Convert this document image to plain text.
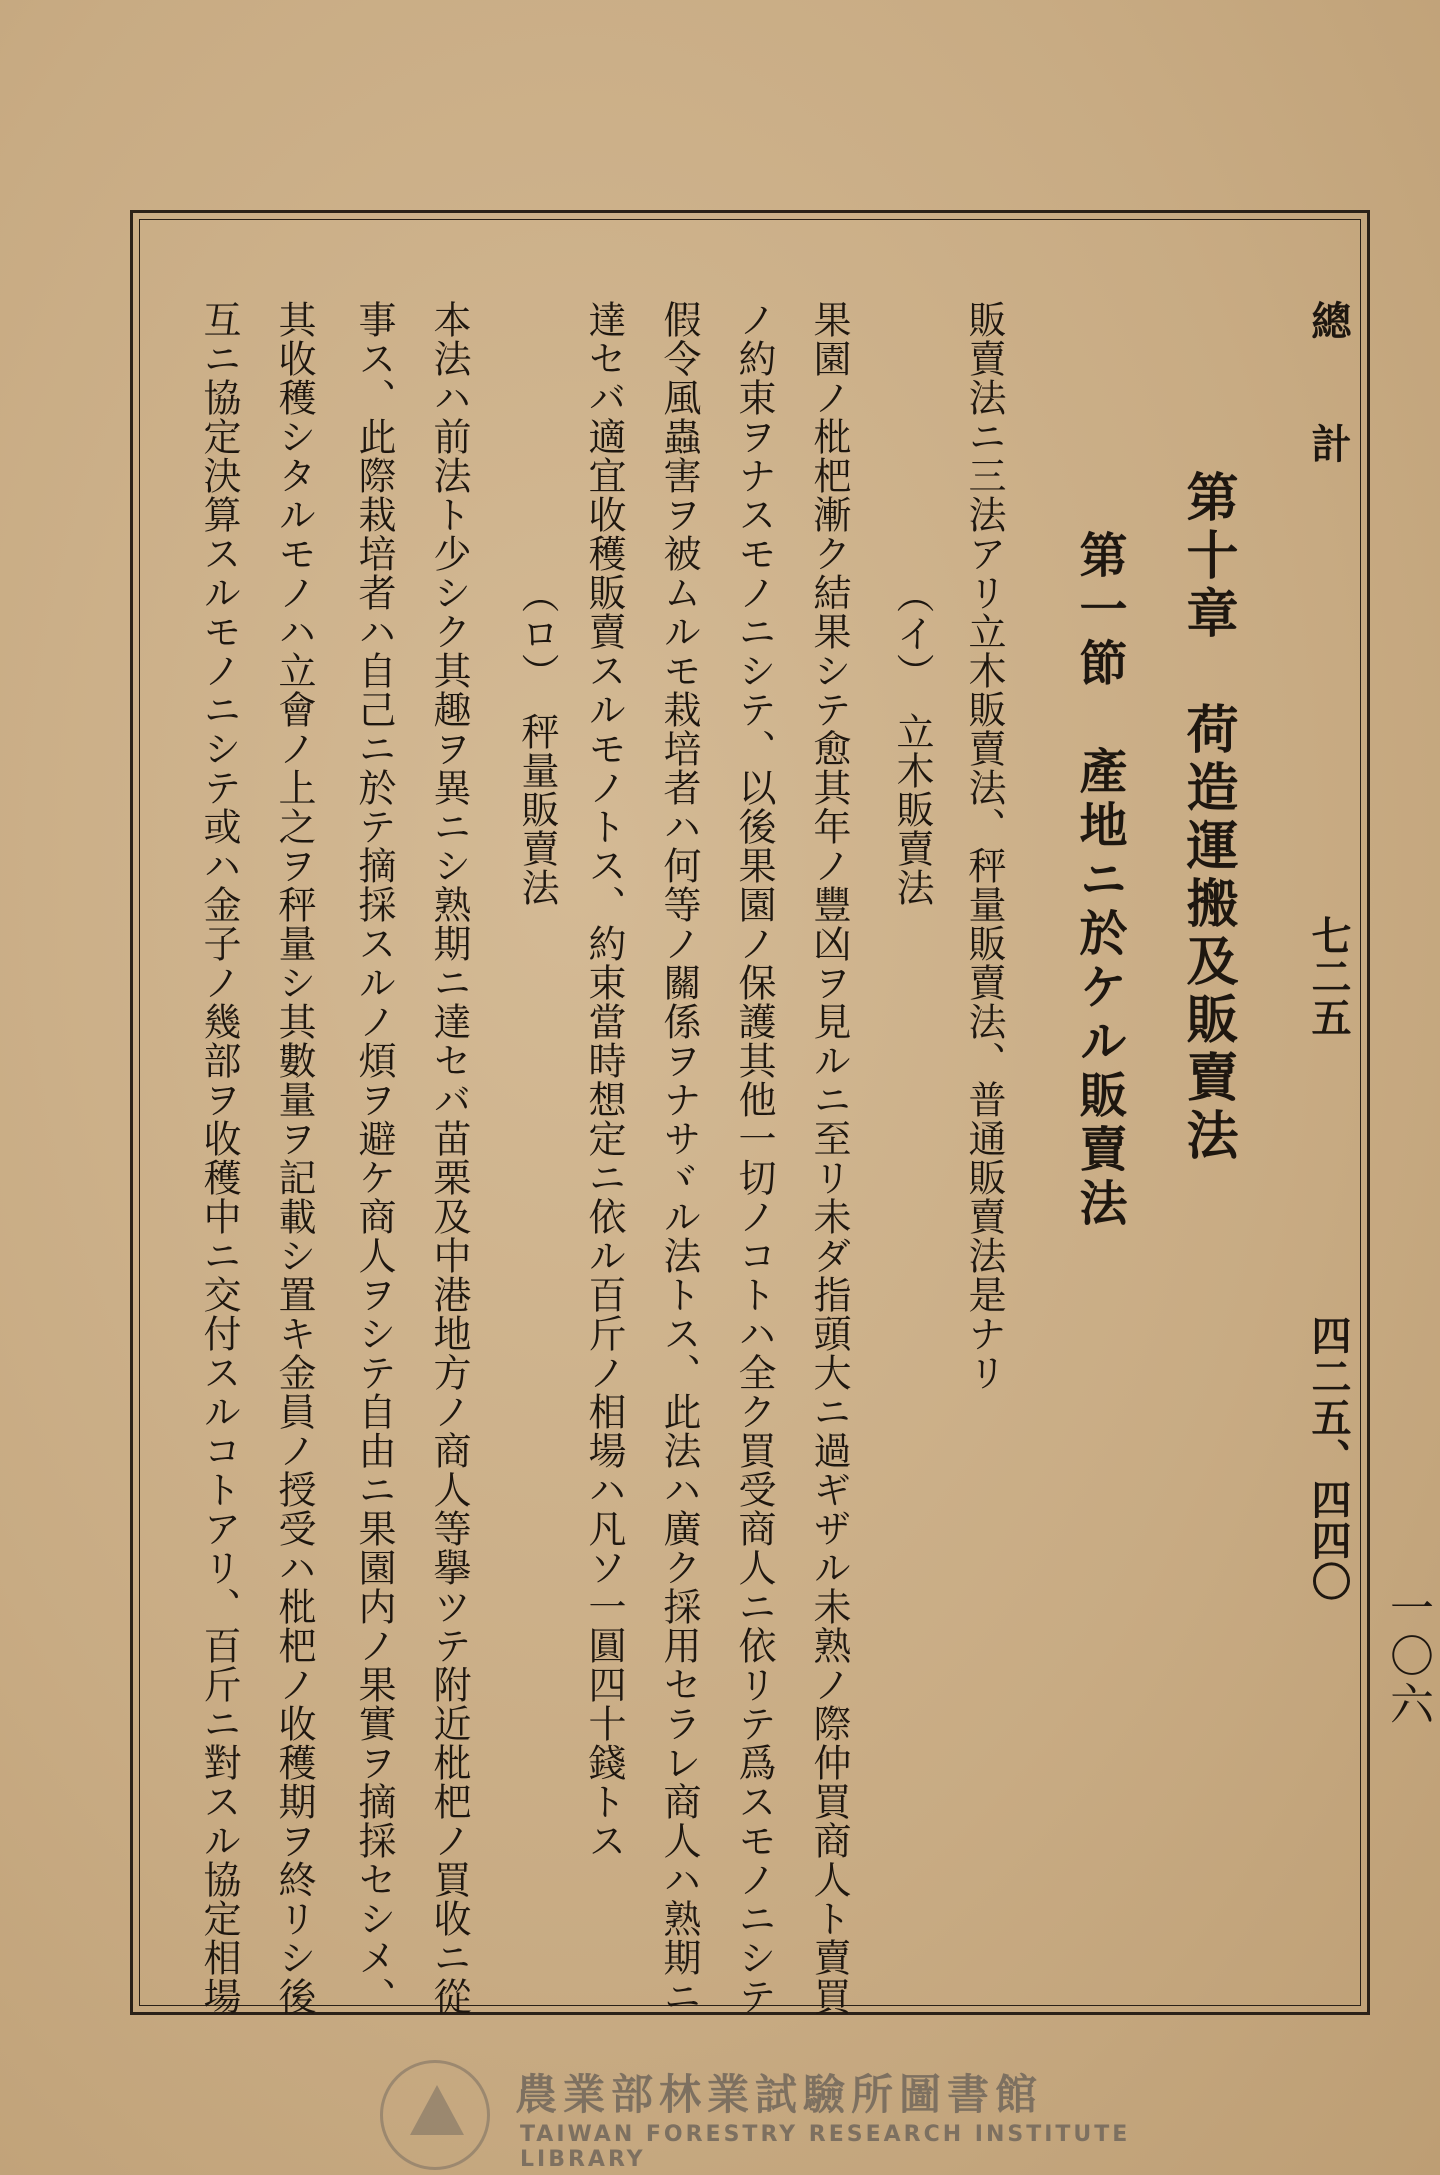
總　　計
七二五
四二五、四四〇
一〇六
第十章　荷造運搬及販賣法
第一節　產地ニ於ケル販賣法
販賣法ニ三法アリ立木販賣法、秤量販賣法、普通販賣法是ナリ
（イ）　立木販賣法
果園ノ枇杷漸ク結果シテ愈其年ノ豐凶ヲ見ルニ至リ未ダ指頭大ニ過ギザル未熟ノ際仲買商人ト賣買
ノ約束ヲナスモノニシテ、以後果園ノ保護其他一切ノコトハ全ク買受商人ニ依リテ爲スモノニシテ
假令風蟲害ヲ被ムルモ栽培者ハ何等ノ關係ヲナサヾル法トス、此法ハ廣ク採用セラレ商人ハ熟期ニ
達セバ適宜收穫販賣スルモノトス、約束當時想定ニ依ル百斤ノ相場ハ凡ソ一圓四十錢トス
（ロ）　秤量販賣法
本法ハ前法ト少シク其趣ヲ異ニシ熟期ニ達セバ苗栗及中港地方ノ商人等擧ツテ附近枇杷ノ買收ニ從
事ス、此際栽培者ハ自己ニ於テ摘採スルノ煩ヲ避ケ商人ヲシテ自由ニ果園内ノ果實ヲ摘採セシメ、
其收穫シタルモノハ立會ノ上之ヲ秤量シ其數量ヲ記載シ置キ金員ノ授受ハ枇杷ノ收穫期ヲ終リシ後
互ニ協定決算スルモノニシテ或ハ金子ノ幾部ヲ收穫中ニ交付スルコトアリ、百斤ニ對スル協定相場
農業部林業試驗所圖書館
TAIWAN FORESTRY RESEARCH INSTITUTE LIBRARY
